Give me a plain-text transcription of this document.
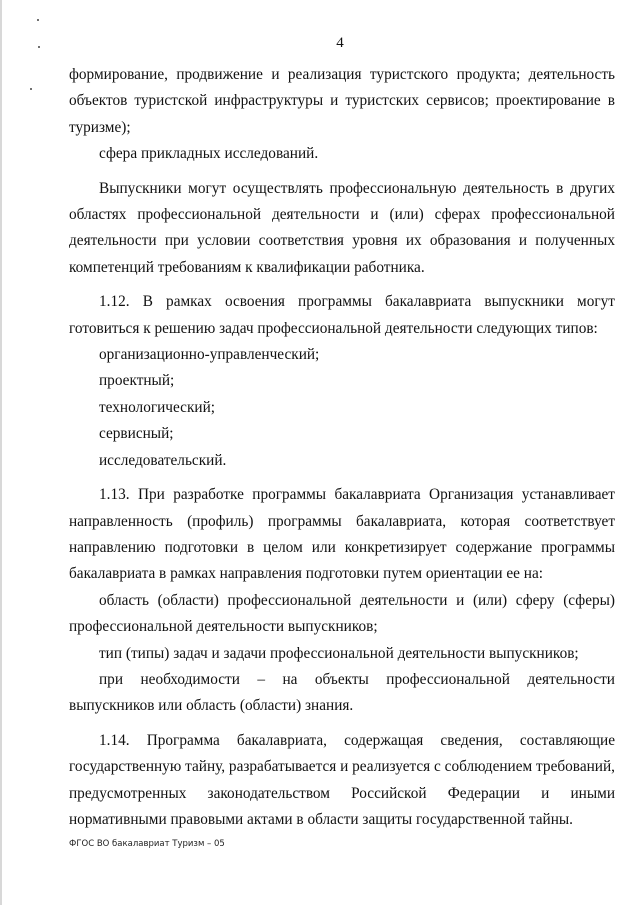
4

формирование, продвижение и реализация туристского продукта; деятельность объектов туристской инфраструктуры и туристских сервисов; проектирование в туризме);

сфера прикладных исследований.

Выпускники могут осуществлять профессиональную деятельность в других областях профессиональной деятельности и (или) сферах профессиональной деятельности при условии соответствия уровня их образования и полученных компетенций требованиям к квалификации работника.

1.12. В рамках освоения программы бакалавриата выпускники могут готовиться к решению задач профессиональной деятельности следующих типов:

организационно-управленческий;

проектный;

технологический;

сервисный;

исследовательский.

1.13. При разработке программы бакалавриата Организация устанавливает направленность (профиль) программы бакалавриата, которая соответствует направлению подготовки в целом или конкретизирует содержание программы бакалавриата в рамках направления подготовки путем ориентации ее на:

область (области) профессиональной деятельности и (или) сферу (сферы) профессиональной деятельности выпускников;

тип (типы) задач и задачи профессиональной деятельности выпускников;

при необходимости – на объекты профессиональной деятельности выпускников или область (области) знания.

1.14. Программа бакалавриата, содержащая сведения, составляющие государственную тайну, разрабатывается и реализуется с соблюдением требований, предусмотренных законодательством Российской Федерации и иными нормативными правовыми актами в области защиты государственной тайны.

ФГОС ВО бакалавриат Туризм – 05
